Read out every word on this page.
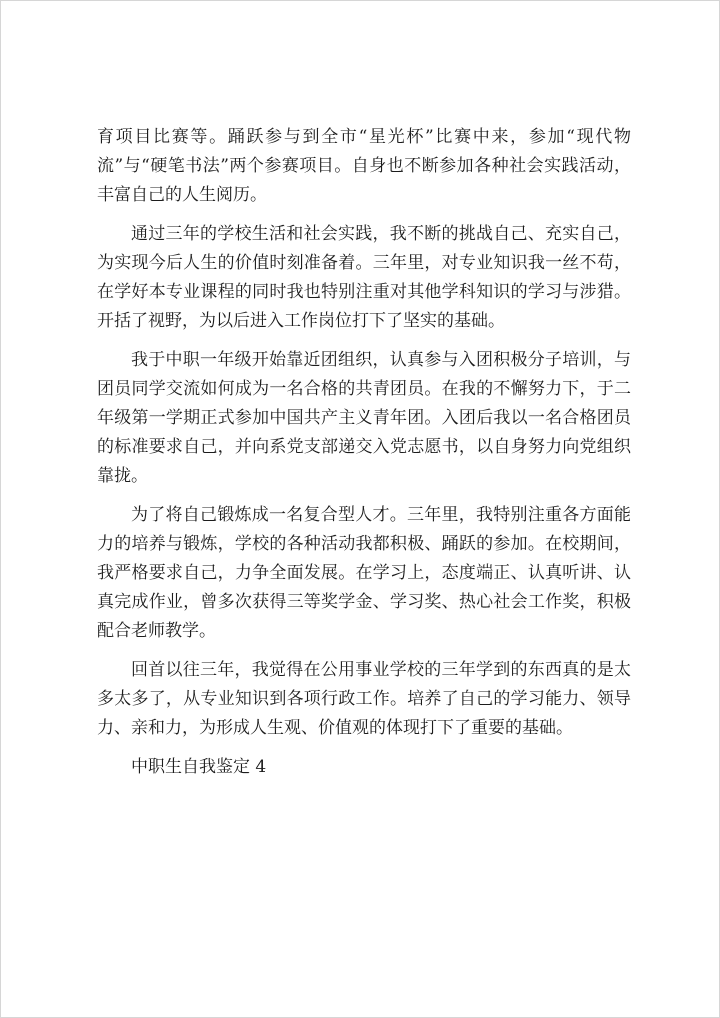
育项目比赛等。踊跃参与到全市“星光杯”比赛中来，参加“现代物流”与“硬笔书法”两个参赛项目。自身也不断参加各种社会实践活动，丰富自己的人生阅历。

通过三年的学校生活和社会实践，我不断的挑战自己、充实自己，为实现今后人生的价值时刻准备着。三年里，对专业知识我一丝不苟，在学好本专业课程的同时我也特别注重对其他学科知识的学习与涉猎。开括了视野，为以后进入工作岗位打下了坚实的基础。

我于中职一年级开始靠近团组织，认真参与入团积极分子培训，与团员同学交流如何成为一名合格的共青团员。在我的不懈努力下，于二年级第一学期正式参加中国共产主义青年团。入团后我以一名合格团员的标准要求自己，并向系党支部递交入党志愿书，以自身努力向党组织靠拢。

为了将自己锻炼成一名复合型人才。三年里，我特别注重各方面能力的培养与锻炼，学校的各种活动我都积极、踊跃的参加。在校期间，我严格要求自己，力争全面发展。在学习上，态度端正、认真听讲、认真完成作业，曾多次获得三等奖学金、学习奖、热心社会工作奖，积极配合老师教学。

回首以往三年，我觉得在公用事业学校的三年学到的东西真的是太多太多了，从专业知识到各项行政工作。培养了自己的学习能力、领导力、亲和力，为形成人生观、价值观的体现打下了重要的基础。

中职生自我鉴定 4
